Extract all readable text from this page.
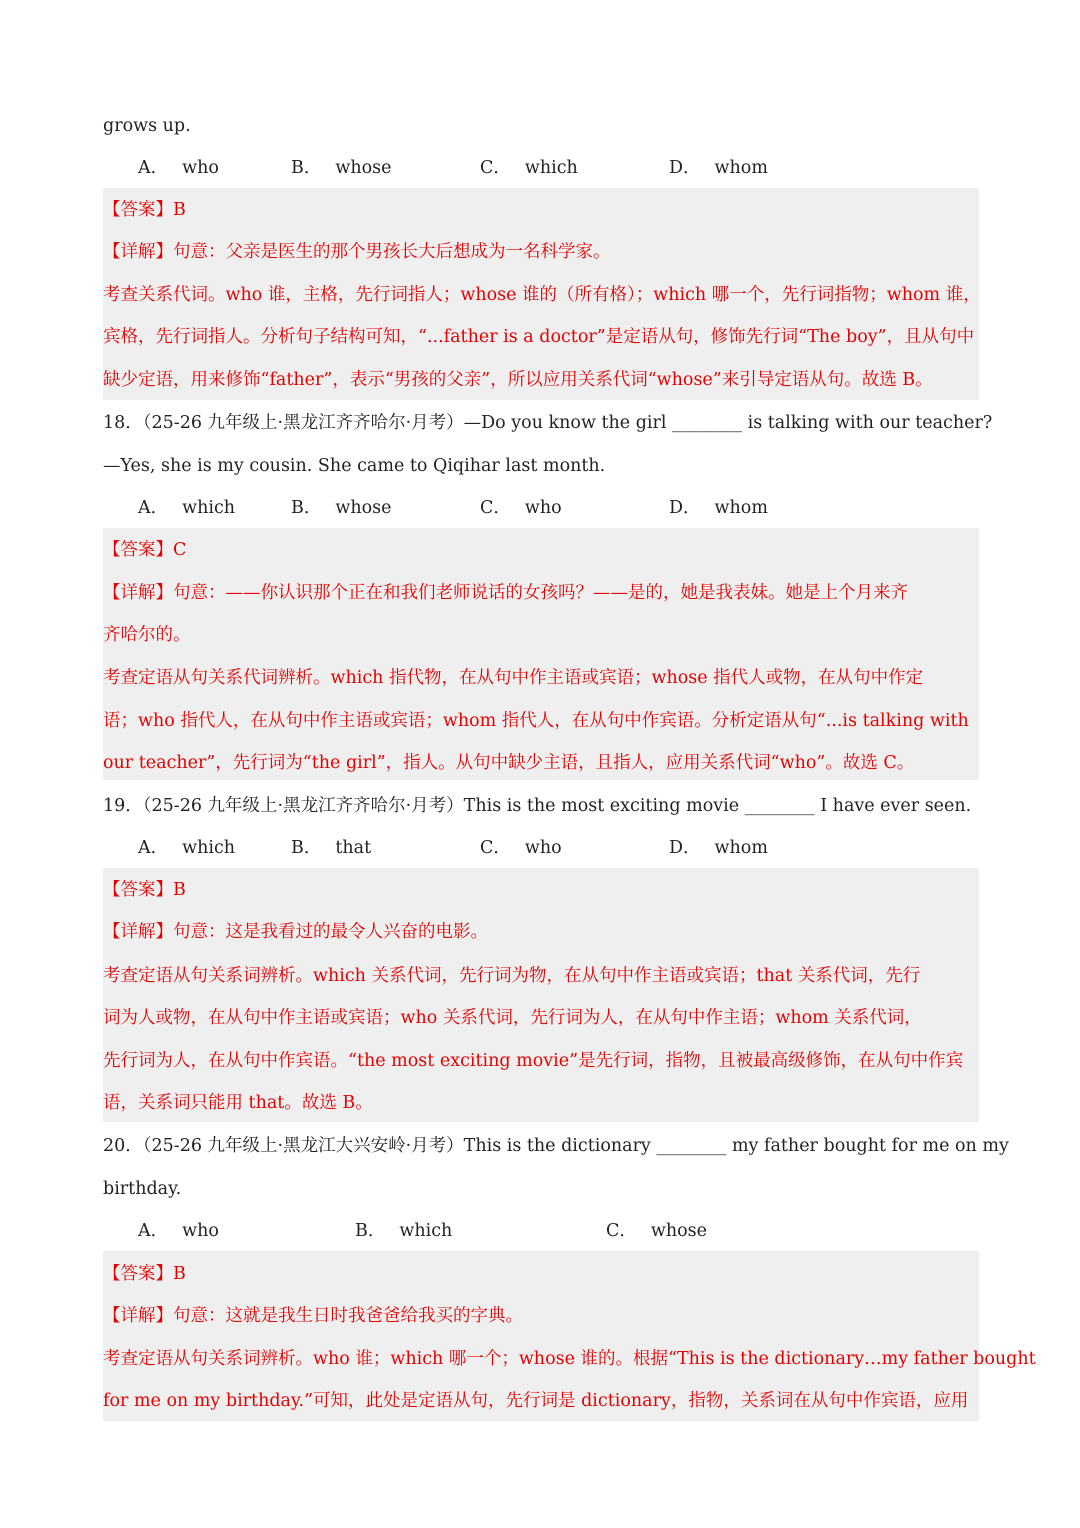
grows up.
A． who	B． whose	C． which	D． whom
【答案】B
【详解】句意：父亲是医生的那个男孩长大后想成为一名科学家。
考查关系代词。who 谁，主格，先行词指人；whose 谁的（所有格）；which 哪一个，先行词指物；whom 谁，
宾格，先行词指人。分析句子结构可知，“...father is a doctor”是定语从句，修饰先行词“The boy”，且从句中
缺少定语，用来修饰“father”，表示“男孩的父亲”，所以应用关系代词“whose”来引导定语从句。故选 B。
18．（25-26 九年级上·黑龙江齐齐哈尔·月考）—Do you know the girl ________ is talking with our teacher?
—Yes, she is my cousin. She came to Qiqihar last month.
A． which	B． whose	C． who	D． whom
【答案】C
【详解】句意：——你认识那个正在和我们老师说话的女孩吗？——是的，她是我表妹。她是上个月来齐
齐哈尔的。
考查定语从句关系代词辨析。which 指代物，在从句中作主语或宾语；whose 指代人或物，在从句中作定
语；who 指代人，在从句中作主语或宾语；whom 指代人，在从句中作宾语。分析定语从句“...is talking with
our teacher”，先行词为“the girl”，指人。从句中缺少主语，且指人，应用关系代词“who”。故选 C。
19．（25-26 九年级上·黑龙江齐齐哈尔·月考）This is the most exciting movie ________ I have ever seen.
A． which	B． that	C． who	D． whom
【答案】B
【详解】句意：这是我看过的最令人兴奋的电影。
考查定语从句关系词辨析。which 关系代词，先行词为物，在从句中作主语或宾语；that 关系代词，先行
词为人或物，在从句中作主语或宾语；who 关系代词，先行词为人，在从句中作主语；whom 关系代词，
先行词为人，在从句中作宾语。“the most exciting movie”是先行词，指物，且被最高级修饰，在从句中作宾
语，关系词只能用 that。故选 B。
20．（25-26 九年级上·黑龙江大兴安岭·月考）This is the dictionary ________ my father bought for me on my
birthday.
A． who	B． which	C． whose
【答案】B
【详解】句意：这就是我生日时我爸爸给我买的字典。
考查定语从句关系词辨析。who 谁；which 哪一个；whose 谁的。根据“This is the dictionary…my father bought
for me on my birthday.”可知，此处是定语从句，先行词是 dictionary，指物，关系词在从句中作宾语，应用
